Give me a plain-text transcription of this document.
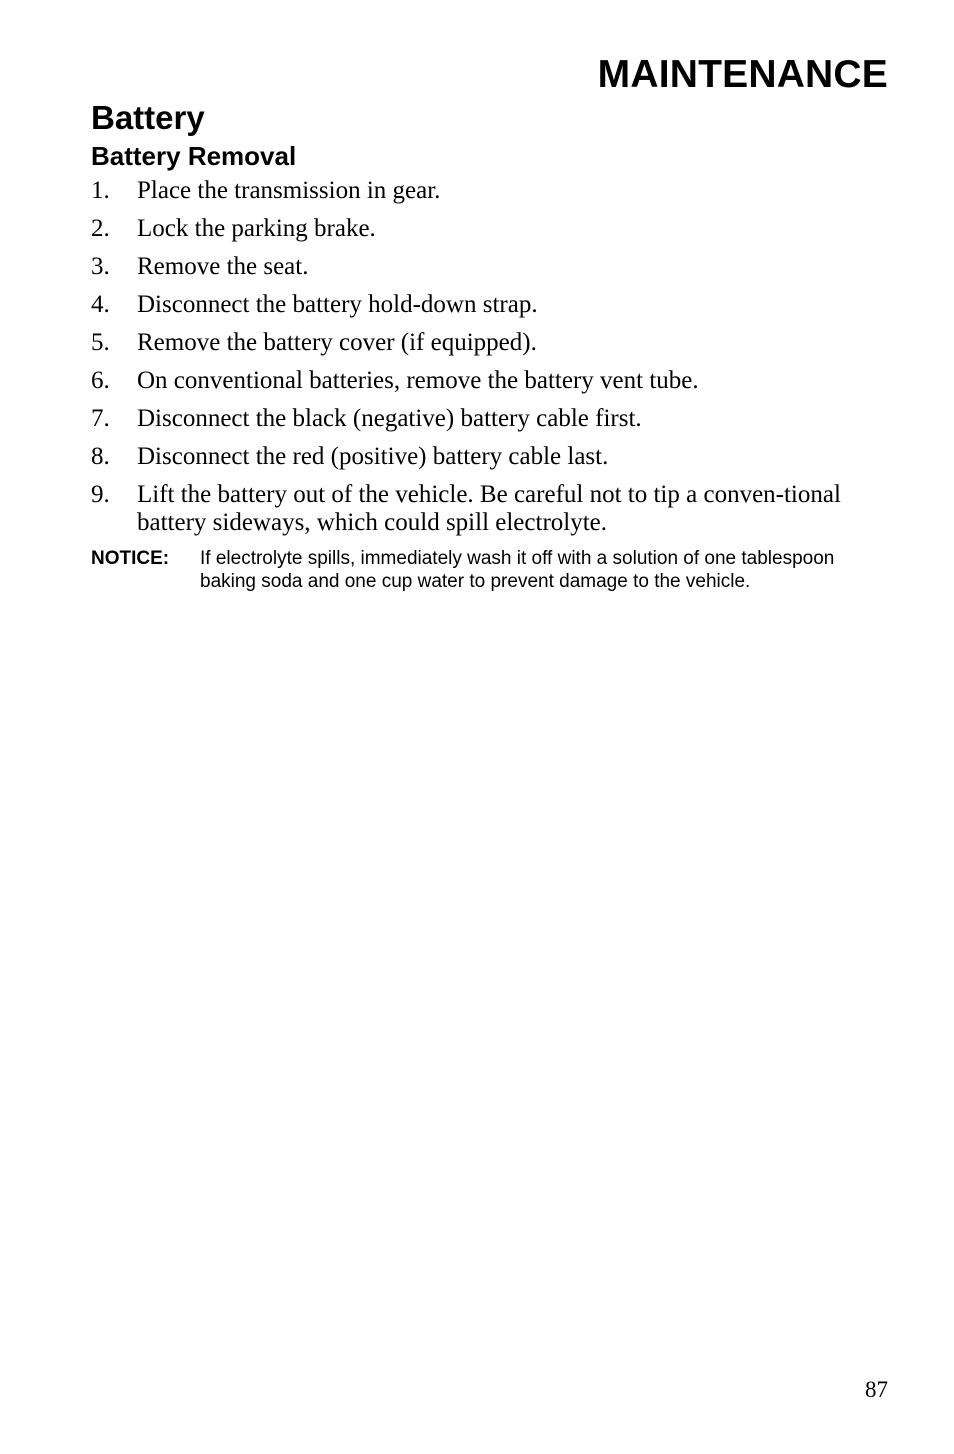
MAINTENANCE
Battery
Battery Removal
1.	Place the transmission in gear.
2.	Lock the parking brake.
3.	Remove the seat.
4.	Disconnect the battery hold-down strap.
5.	Remove the battery cover (if equipped).
6.	On conventional batteries, remove the battery vent tube.
7.	Disconnect the black (negative) battery cable first.
8.	Disconnect the red (positive) battery cable last.
9.	Lift the battery out of the vehicle. Be careful not to tip a conven-tional battery sideways, which could spill electrolyte.
NOTICE:	If electrolyte spills, immediately wash it off with a solution of one tablespoon baking soda and one cup water to prevent damage to the vehicle.
87
